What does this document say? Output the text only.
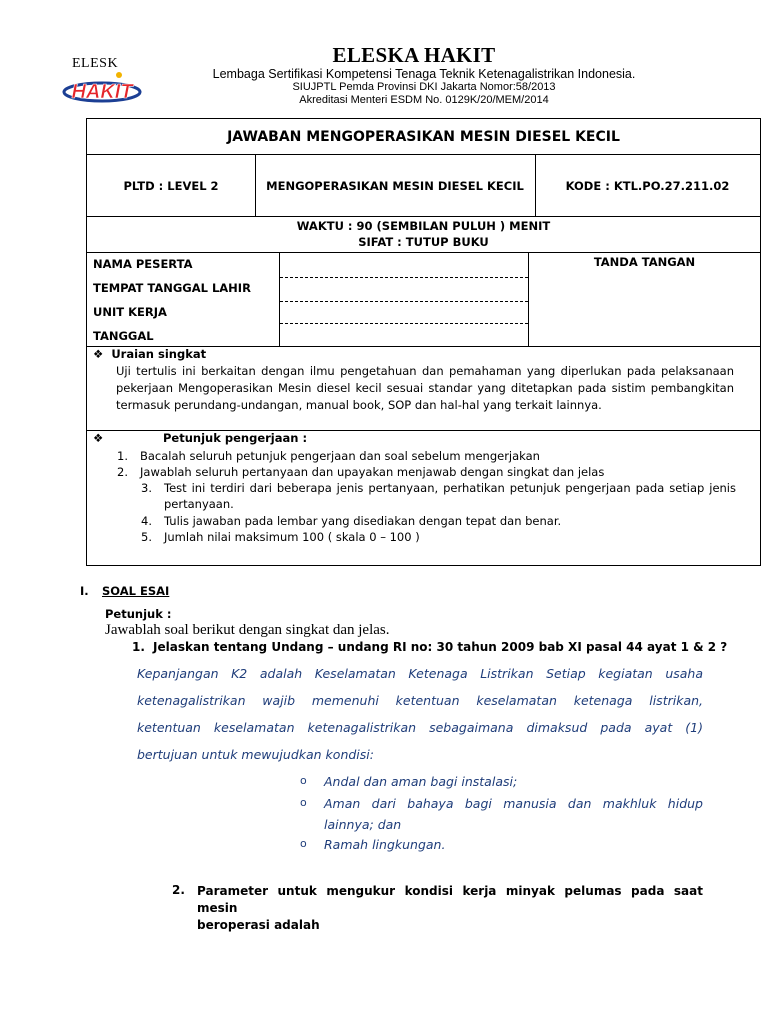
ELESK
HAKIT
ELESKA HAKIT
Lembaga Sertifikasi Kompetensi Tenaga Teknik Ketenagalistrikan Indonesia.
SIUJPTL Pemda Provinsi DKI Jakarta Nomor:58/2013
Akreditasi Menteri ESDM No. 0129K/20/MEM/2014
JAWABAN MENGOPERASIKAN MESIN DIESEL KECIL
PLTD : LEVEL 2	MENGOPERASIKAN MESIN DIESEL KECIL	KODE : KTL.PO.27.211.02
WAKTU : 90 (SEMBILAN PULUH ) MENIT
SIFAT : TUTUP BUKU
NAMA PESERTA
TEMPAT TANGGAL LAHIR
UNIT KERJA
TANGGAL
TANDA TANGAN
❖ Uraian singkat
Uji tertulis ini berkaitan dengan ilmu pengetahuan dan pemahaman yang diperlukan pada pelaksanaan pekerjaan Mengoperasikan Mesin diesel kecil sesuai standar yang ditetapkan pada sistim pembangkitan termasuk perundang-undangan, manual book, SOP dan hal-hal yang terkait lainnya.
❖	Petunjuk pengerjaan :
1. Bacalah seluruh petunjuk pengerjaan dan soal sebelum mengerjakan
2. Jawablah seluruh pertanyaan dan upayakan menjawab dengan singkat dan jelas
3. Test ini terdiri dari beberapa jenis pertanyaan, perhatikan petunjuk pengerjaan pada setiap jenis pertanyaan.
4. Tulis jawaban pada lembar yang disediakan dengan tepat dan benar.
5. Jumlah nilai maksimum 100 ( skala 0 – 100 )
I. SOAL ESAI
Petunjuk :
Jawablah soal berikut dengan singkat dan jelas.
1. Jelaskan tentang Undang – undang RI no: 30 tahun 2009 bab XI pasal 44 ayat 1 & 2 ?
Kepanjangan K2 adalah Keselamatan Ketenaga Listrikan Setiap kegiatan usaha
ketenagalistrikan wajib memenuhi ketentuan keselamatan ketenaga listrikan,
ketentuan keselamatan ketenagalistrikan sebagaimana dimaksud pada ayat (1)
bertujuan untuk mewujudkan kondisi:
o Andal dan aman bagi instalasi;
o Aman dari bahaya bagi manusia dan makhluk hidup
lainnya; dan
o Ramah lingkungan.
2. Parameter untuk mengukur kondisi kerja minyak pelumas pada saat mesin
beroperasi adalah
